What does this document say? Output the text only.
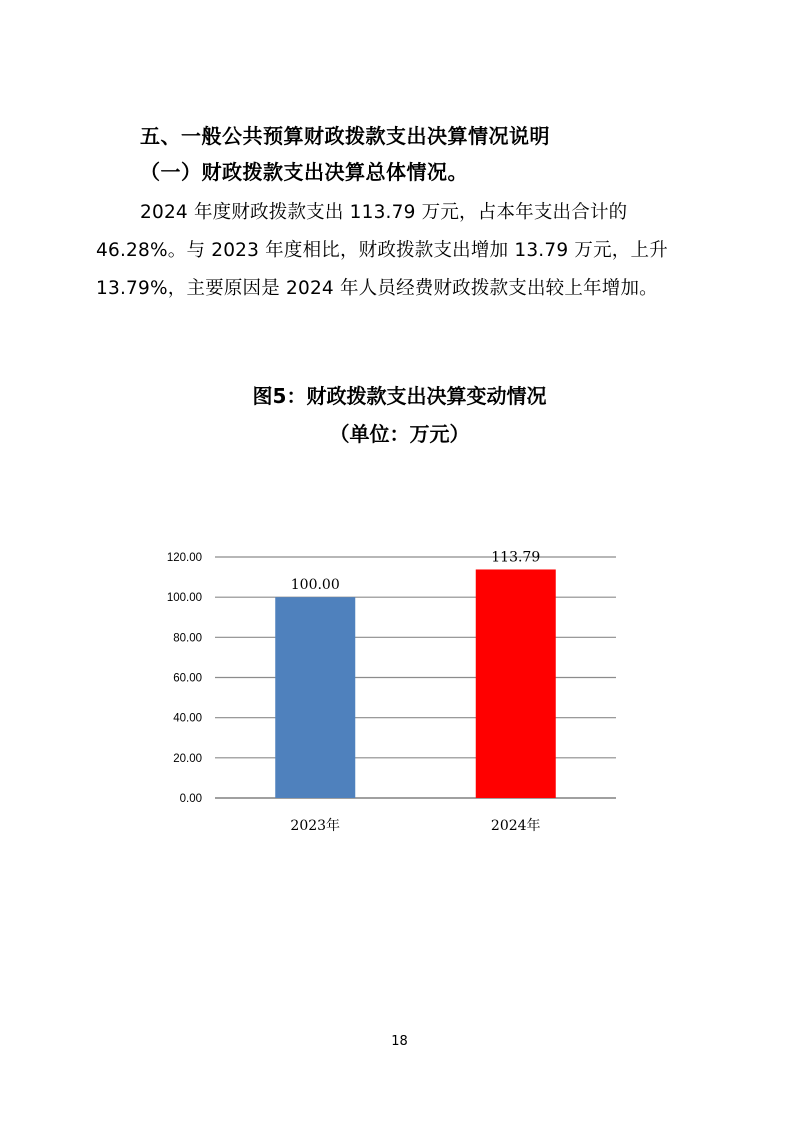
五、一般公共预算财政拨款支出决算情况说明
（一）财政拨款支出决算总体情况。
2024 年度财政拨款支出 113.79 万元，占本年支出合计的
46.28%。与 2023 年度相比，财政拨款支出增加 13.79 万元，上升
13.79%，主要原因是 2024 年人员经费财政拨款支出较上年增加。
图5：财政拨款支出决算变动情况
（单位：万元）
0.00
20.00
40.00
60.00
80.00
100.00
120.00
100.00
2023年
113.79
2024年
18
